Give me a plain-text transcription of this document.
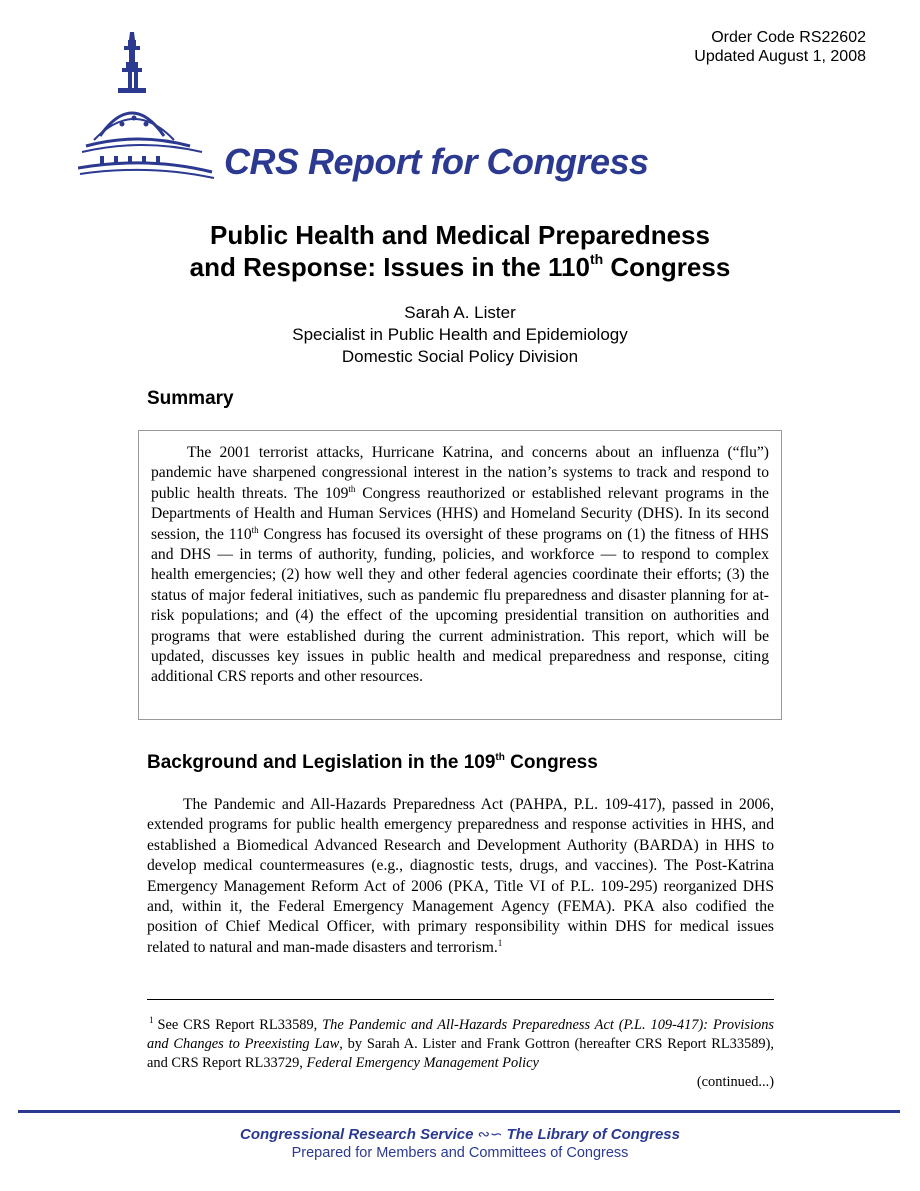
Order Code RS22602
Updated August 1, 2008
CRS Report for Congress
Public Health and Medical Preparedness
and Response: Issues in the 110th Congress
Sarah A. Lister
Specialist in Public Health and Epidemiology
Domestic Social Policy Division
Summary

The 2001 terrorist attacks, Hurricane Katrina, and concerns about an influenza (“flu”) pandemic have sharpened congressional interest in the nation’s systems to track and respond to public health threats. The 109th Congress reauthorized or established relevant programs in the Departments of Health and Human Services (HHS) and Homeland Security (DHS). In its second session, the 110th Congress has focused its oversight of these programs on (1) the fitness of HHS and DHS — in terms of authority, funding, policies, and workforce — to respond to complex health emergencies; (2) how well they and other federal agencies coordinate their efforts; (3) the status of major federal initiatives, such as pandemic flu preparedness and disaster planning for at-risk populations; and (4) the effect of the upcoming presidential transition on authorities and programs that were established during the current administration. This report, which will be updated, discusses key issues in public health and medical preparedness and response, citing additional CRS reports and other resources.

Background and Legislation in the 109th Congress

The Pandemic and All-Hazards Preparedness Act (PAHPA, P.L. 109-417), passed in 2006, extended programs for public health emergency preparedness and response activities in HHS, and established a Biomedical Advanced Research and Development Authority (BARDA) in HHS to develop medical countermeasures (e.g., diagnostic tests, drugs, and vaccines). The Post-Katrina Emergency Management Reform Act of 2006 (PKA, Title VI of P.L. 109-295) reorganized DHS and, within it, the Federal Emergency Management Agency (FEMA). PKA also codified the position of Chief Medical Officer, with primary responsibility within DHS for medical issues related to natural and man-made disasters and terrorism.$^1$

$^1$ See CRS Report RL33589, The Pandemic and All-Hazards Preparedness Act (P.L. 109-417): Provisions and Changes to Preexisting Law, by Sarah A. Lister and Frank Gottron (hereafter CRS Report RL33589), and CRS Report RL33729, Federal Emergency Management Policy

(continued...)
Congressional Research Service ∾∽ The Library of Congress
Prepared for Members and Committees of Congress
